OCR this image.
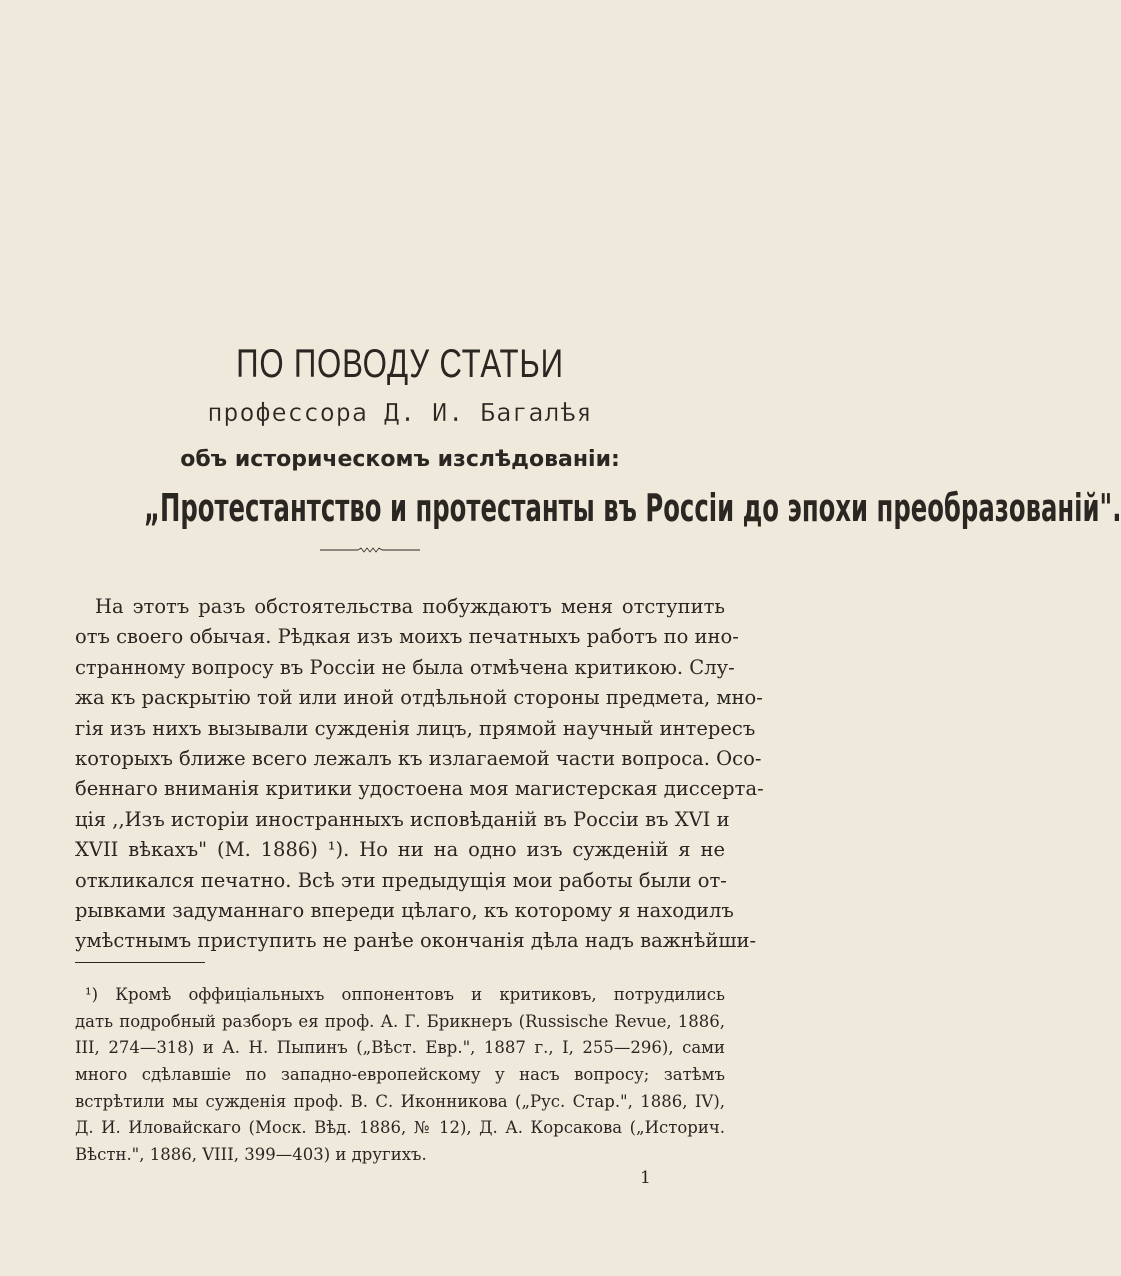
ПО ПОВОДУ СТАТЬИ
профессора Д. И. Багалѣя
объ историческомъ изслѣдованіи:
„Протестантство и протестанты въ Россіи до эпохи преобразованій".
На этотъ разъ обстоятельства побуждаютъ меня отступить
отъ своего обычая. Рѣдкая изъ моихъ печатныхъ работъ по ино-
странному вопросу въ Россіи не была отмѣчена критикою. Слу-
жа къ раскрытію той или иной отдѣльной стороны предмета, мно-
гія изъ нихъ вызывали сужденія лицъ, прямой научный интересъ
которыхъ ближе всего лежалъ къ излагаемой части вопроса. Осо-
беннаго вниманія критики удостоена моя магистерская диссерта-
ція ,,Изъ исторіи иностранныхъ исповѣданій въ Россіи въ XVI и
XVII вѣкахъ" (М. 1886) ¹). Но ни на одно изъ сужденій я не
откликался печатно. Всѣ эти предыдущія мои работы были от-
рывками задуманнаго впереди цѣлаго, къ которому я находилъ
умѣстнымъ приступить не ранѣе окончанія дѣла надъ важнѣйши-
¹) Кромѣ оффиціальныхъ оппонентовъ и критиковъ, потрудились
дать подробный разборъ ея проф. А. Г. Брикнеръ (Russische Revue, 1886,
III, 274—318) и А. Н. Пыпинъ („Вѣст. Евр.", 1887 г., I, 255—296), сами
много сдѣлавшіе по западно-европейскому у насъ вопросу; затѣмъ
встрѣтили мы сужденія проф. В. С. Иконникова („Рус. Стар.", 1886, IV),
Д. И. Иловайскаго (Моск. Вѣд. 1886, № 12), Д. А. Корсакова („Историч.
Вѣстн.", 1886, VIII, 399—403) и другихъ.
1
